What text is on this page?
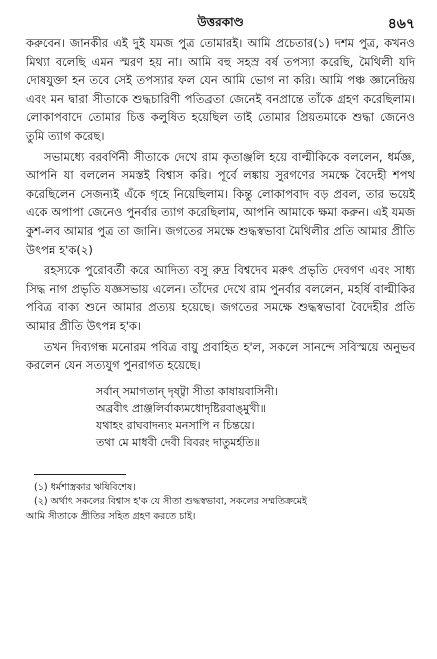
উত্তরকাণ্ড	৪৬৭

করুবেন। জানকীর এই দুই যমজ পুত্র তোমারই। আমি প্রচেতার(১) দশম পুত্র, কখনও মিথ্যা বলেছি এমন স্মরণ হয় না। আমি বহু সহস্র বর্ষ তপস্যা করেছি, মৈথিলী যদি দোষযুক্তা হন তবে সেই তপস্যার ফল যেন আমি ভোগ না করি। আমি পঞ্চ জ্ঞানেন্দ্রিয় এবং মন দ্বারা সীতাকে শুদ্ধচারিণী পতিব্রতা জেনেই বনপ্রান্তে তাঁকে গ্রহণ করেছিলাম। লোকাপবাদে তোমার চিত্ত কলুষিত হয়েছিল তাই তোমার প্রিয়তমাকে শুদ্ধা জেনেও তুমি ত্যাগ করেছ।

সভামধ্যে বরবর্ণিনী সীতাকে দেখে রাম কৃতাঞ্জলি হয়ে বাল্মীকিকে বললেন, ধর্মজ্ঞ, আপনি যা বললেন সমস্তই বিশ্বাস করি। পূর্বে লঙ্কায় সুরগণের সমক্ষে বৈদেহী শপথ করেছিলেন সেজন্যই এঁকে গৃহে নিয়েছিলাম। কিন্তু লোকাপবাদ বড় প্রবল, তার ভয়েই একে অপাপা জেনেও পুনর্বার ত্যাগ করেছিলাম, আপনি আমাকে ক্ষমা করুন। এই যমজ কুশ-লব আমার পুত্র তা জানি। জগতের সমক্ষে শুদ্ধস্বভাবা মৈথিলীর প্রতি আমার প্রীতি উৎপন্ন হ'ক(২)

রহস্যকে পুরোবর্তী করে আদিত্য বসু রুদ্র বিশ্বদেব মরুৎ প্রভৃতি দেবগণ এবং সাধ্য সিদ্ধ নাগ প্রভৃতি যজ্ঞসভায় এলেন। তাঁদের দেখে রাম পুনর্বার বললেন, মহর্ষি বাল্মীকির পবিত্র বাক্য শুনে আমার প্রত্যয় হয়েছে। জগতের সমক্ষে শুদ্ধস্বভাবা বৈদেহীর প্রতি আমার প্রীতি উৎপন্ন হ'ক।

তখন দিব্যগন্ধ মনোরম পবিত্র বায়ু প্রবাহিত হ'ল, সকলে সানন্দে সবিস্ময়ে অনুভব করলেন যেন সত্যযুগ পুনরাগত হয়েছে।

সর্বান্‌ সমাগতান্‌ দৃষ্ট্বা সীতা কাষায়বাসিনী।
অব্রবীৎ প্রাঞ্জলির্বাক্যমধোদৃষ্টিরবাঙ্‌মুখী॥
যথাহং রাঘবাদন্যং মনসাপি ন চিন্তয়ে।
তথা মে মাধবী দেবী বিবরং দাতুমর্হতি॥
(১) ধর্মশাস্ত্রকার ঋষিবিশেষ।
(২) অর্থাৎ সকলের বিশ্বাস হ'ক যে সীতা শুদ্ধস্বভাবা, সকলের সম্মতিক্রমেই
আমি সীতাকে প্রীতির সহিত গ্রহণ করতে চাই।
